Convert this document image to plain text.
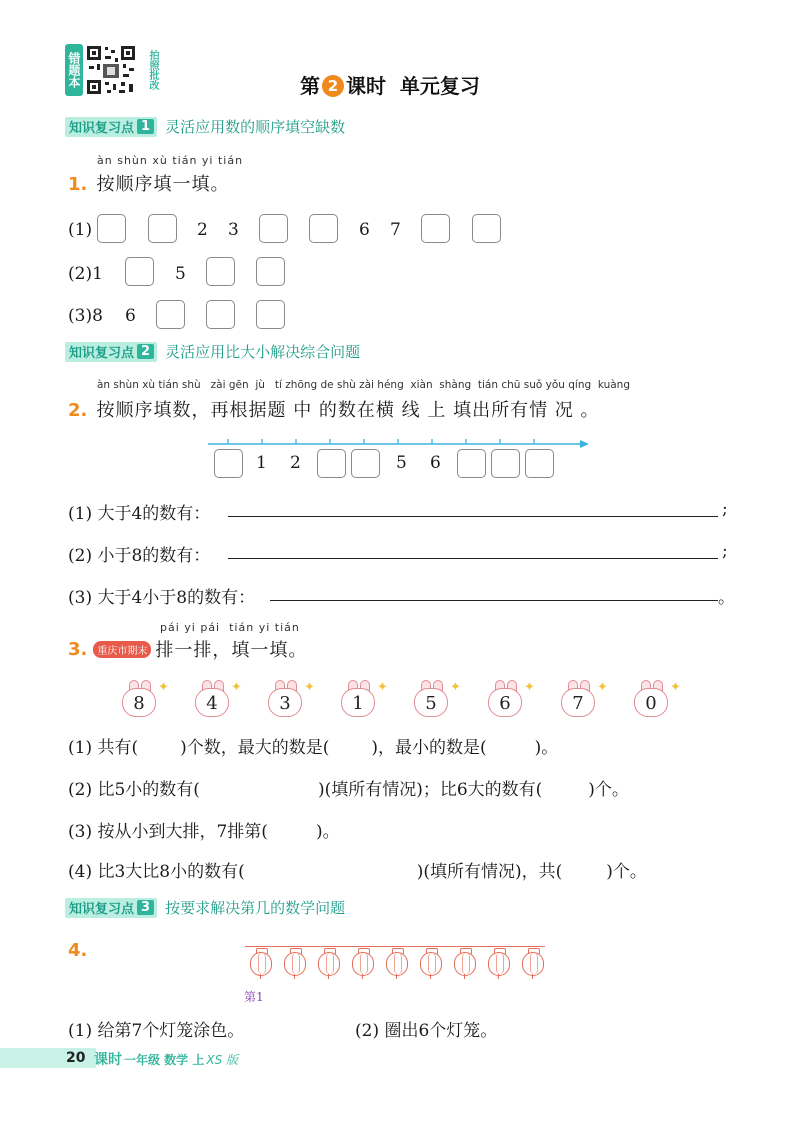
错题本	拍照批改	第 2 课时  单元复习
知识复习点 1 灵活应用数的顺序填空缺数
àn shùn xù tián yi tián
1. 按顺序填一填。
(1)	2 3	6 7
(2)1	5
(3)8 6
知识复习点 2 灵活应用比大小解决综合问题
àn shùn xù tián shù   zài gēn  jù   tí zhōng de shù zài héng  xiàn  shàng  tián chū suǒ yǒu qíng  kuàng
2. 按顺序填数，再根据题 中 的数在横 线 上 填出所有情 况 。
1 2	5 6
(1) 大于4的数有：	;
(2) 小于8的数有：	;
(3) 大于4小于8的数有：	。
pái yi pái  tián yi tián
3.	重庆市期末 排一排，填一填。
8
✦
4
✦
3
✦
1
✦
5
✦
6
✦
7
✦
0
✦
(1) 共有( )个数，最大的数是( )，最小的数是(	)。
(2) 比5小的数有(	)(填所有情况)；比6大的数有(	)个。
(3) 按从小到大排，7排第(	)。
(4) 比3大比8小的数有(	)(填所有情况)，共(	)个。
知识复习点 3 按要求解决第几的数学问题
4.
第1
(1) 给第7个灯笼涂色。	(2) 圈出6个灯笼。
20 课时 一年级 数学 上 XS 版
